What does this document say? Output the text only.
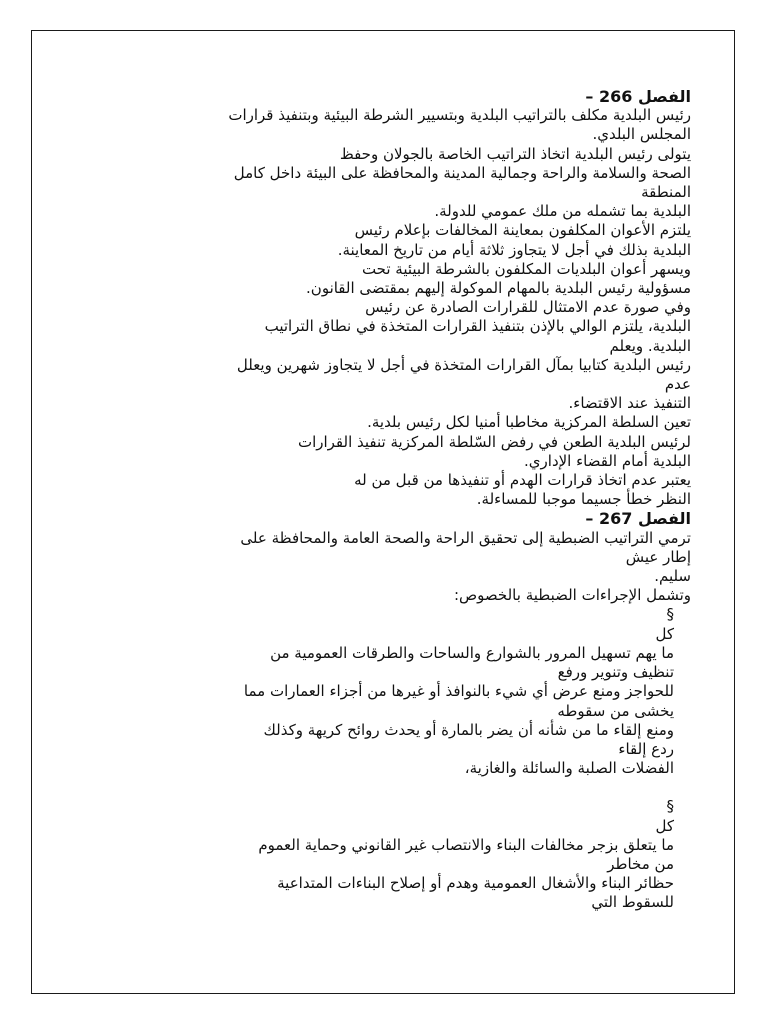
الفصل 266 –
رئيس البلدية مكلف بالتراتيب البلدية وبتسيير الشرطة البيئية وبتنفيذ قرارات
المجلس البلدي.
يتولى رئيس البلدية اتخاذ التراتيب الخاصة بالجولان وحفظ
الصحة والسلامة والراحة وجمالية المدينة والمحافظة على البيئة داخل كامل
المنطقة
البلدية بما تشمله من ملك عمومي للدولة.
يلتزم الأعوان المكلفون بمعاينة المخالفات بإعلام رئيس
البلدية بذلك في أجل لا يتجاوز ثلاثة أيام من تاريخ المعاينة.
ويسهر أعوان البلديات المكلفون بالشرطة البيئية تحت
مسؤولية رئيس البلدية بالمهام الموكولة إليهم بمقتضى القانون.
وفي صورة عدم الامتثال للقرارات الصادرة عن رئيس
البلدية، يلتزم الوالي بالإذن بتنفيذ القرارات المتخذة في نطاق التراتيب
البلدية. ويعلم
رئيس البلدية كتابيا بمآل القرارات المتخذة في أجل لا يتجاوز شهرين ويعلل
عدم
التنفيذ عند الاقتضاء.
تعين السلطة المركزية مخاطبا أمنيا لكل رئيس بلدية.
لرئيس البلدية الطعن في رفض السّلطة المركزية تنفيذ القرارات
البلدية أمام القضاء الإداري.
يعتبر عدم اتخاذ قرارات الهدم أو تنفيذها من قبل من له
النظر خطأ جسيما موجبا للمساءلة.
الفصل 267 –
ترمي التراتيب الضبطية إلى تحقيق الراحة والصحة العامة والمحافظة على
إطار عيش
سليم.
وتشمل الإجراءات الضبطية بالخصوص:
§
كل
ما يهم تسهيل المرور بالشوارع والساحات والطرقات العمومية من
تنظيف وتنوير ورفع
للحواجز ومنع عرض أي شيء بالنوافذ أو غيرها من أجزاء العمارات مما
يخشى من سقوطه
ومنع إلقاء ما من شأنه أن يضر بالمارة أو يحدث روائح كريهة وكذلك
ردع إلقاء
الفضلات الصلبة والسائلة والغازية،
§
كل
ما يتعلق بزجر مخالفات البناء والانتصاب غير القانوني وحماية العموم
من مخاطر
حظائر البناء والأشغال العمومية وهدم أو إصلاح البناءات المتداعية
للسقوط التي
